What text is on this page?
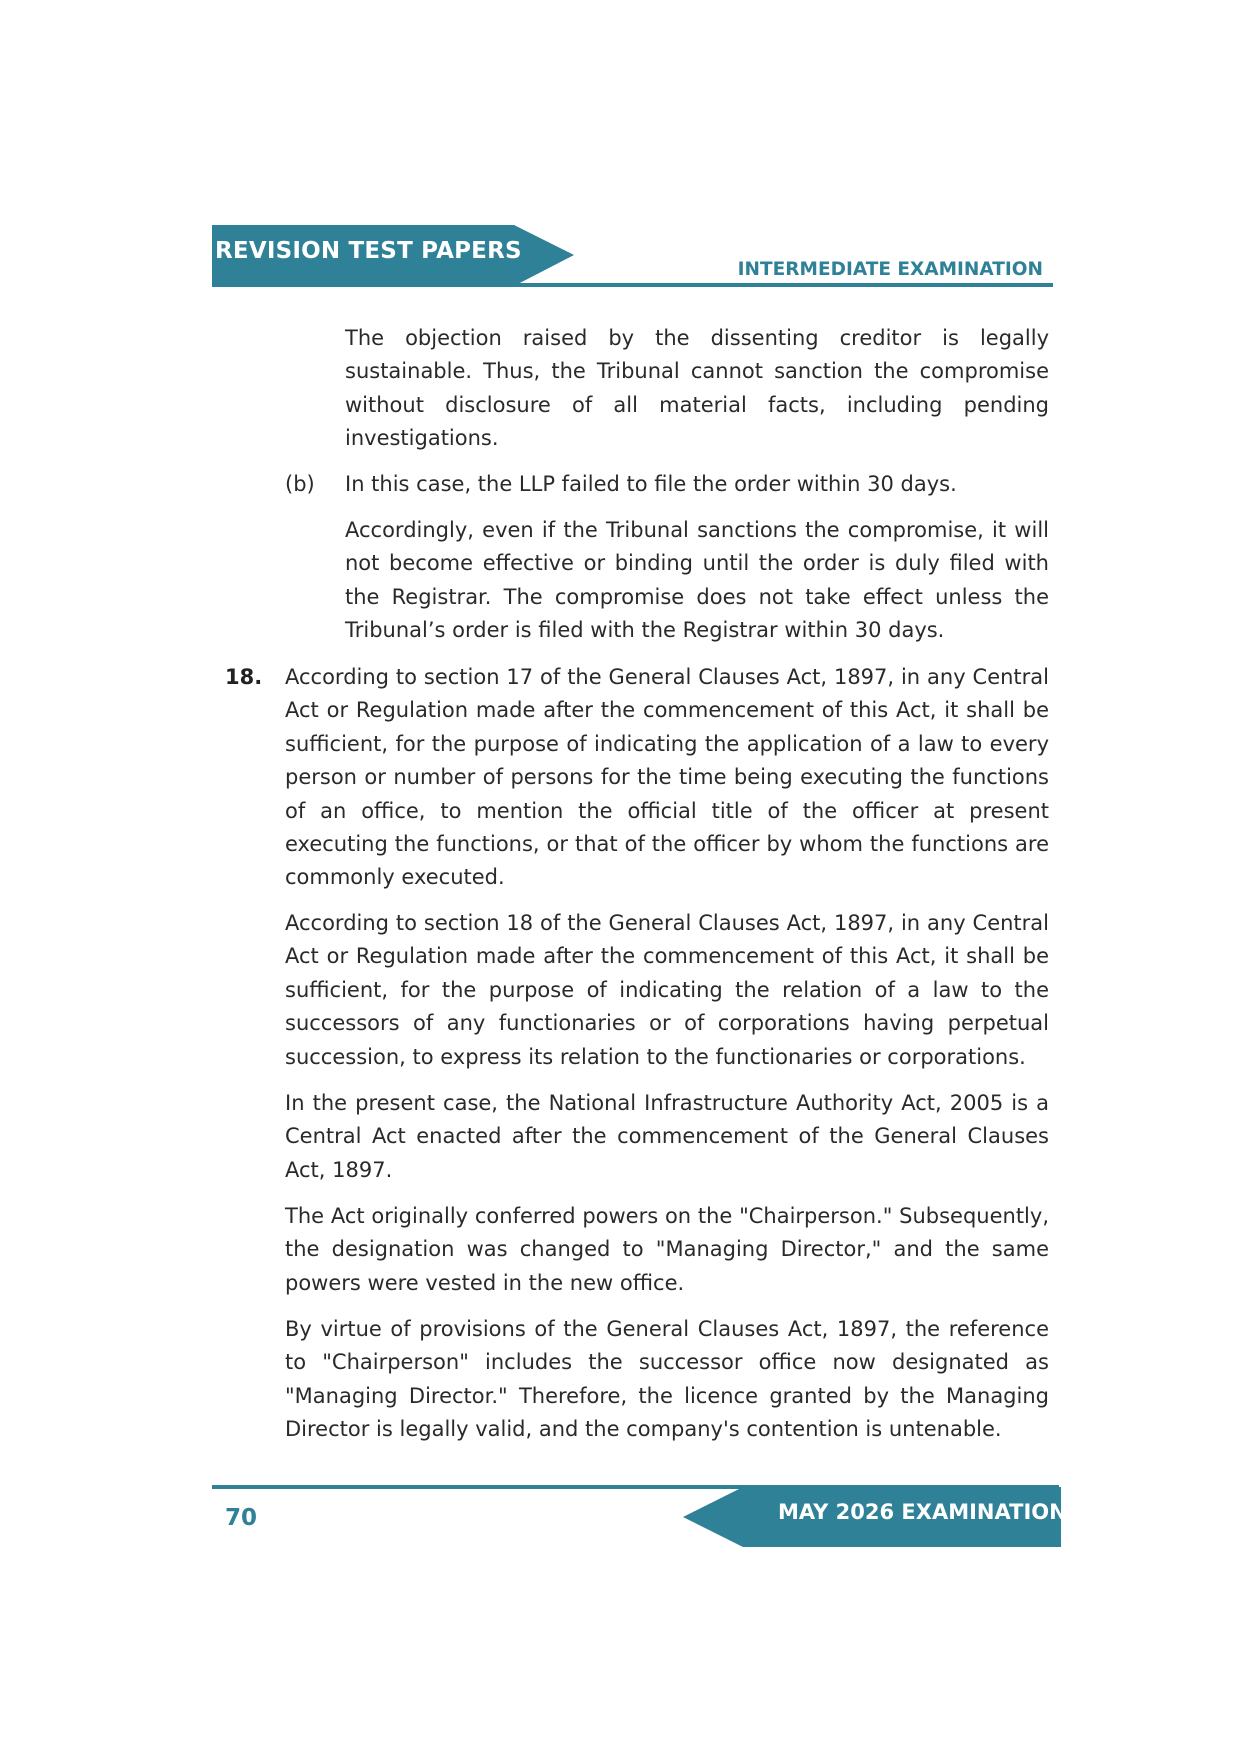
REVISION TEST PAPERS
INTERMEDIATE EXAMINATION

The objection raised by the dissenting creditor is legally sustainable. Thus, the Tribunal cannot sanction the compromise without disclosure of all material facts, including pending investigations.

(b) In this case, the LLP failed to file the order within 30 days.

Accordingly, even if the Tribunal sanctions the compromise, it will not become effective or binding until the order is duly filed with the Registrar. The compromise does not take effect unless the Tribunal’s order is filed with the Registrar within 30 days.

18. According to section 17 of the General Clauses Act, 1897, in any Central Act or Regulation made after the commencement of this Act, it shall be sufficient, for the purpose of indicating the application of a law to every person or number of persons for the time being executing the functions of an office, to mention the official title of the officer at present executing the functions, or that of the officer by whom the functions are commonly executed.

According to section 18 of the General Clauses Act, 1897, in any Central Act or Regulation made after the commencement of this Act, it shall be sufficient, for the purpose of indicating the relation of a law to the successors of any functionaries or of corporations having perpetual succession, to express its relation to the functionaries or corporations.

In the present case, the National Infrastructure Authority Act, 2005 is a Central Act enacted after the commencement of the General Clauses Act, 1897.

The Act originally conferred powers on the "Chairperson." Subsequently, the designation was changed to "Managing Director," and the same powers were vested in the new office.

By virtue of provisions of the General Clauses Act, 1897, the reference to "Chairperson" includes the successor office now designated as "Managing Director." Therefore, the licence granted by the Managing Director is legally valid, and the company's contention is untenable.

MAY 2026 EXAMINATION
70
